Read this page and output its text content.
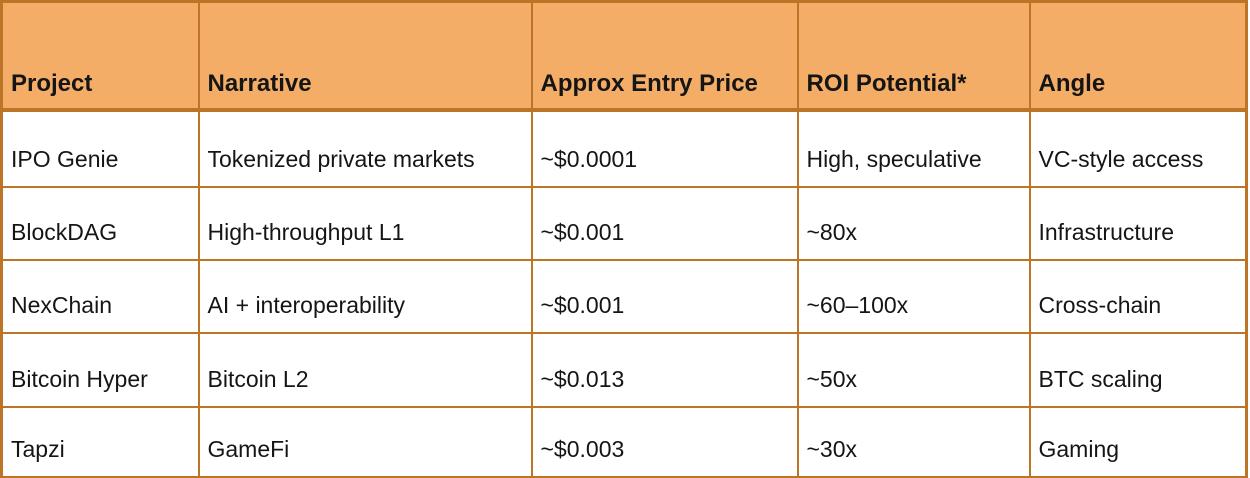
Project	Narrative	Approx Entry Price	ROI Potential*	Angle
IPO Genie	Tokenized private markets	~$0.0001	High, speculative	VC-style access
BlockDAG	High-throughput L1	~$0.001	~80x	Infrastructure
NexChain	AI + interoperability	~$0.001	~60–100x	Cross-chain
Bitcoin Hyper	Bitcoin L2	~$0.013	~50x	BTC scaling
Tapzi	GameFi	~$0.003	~30x	Gaming
